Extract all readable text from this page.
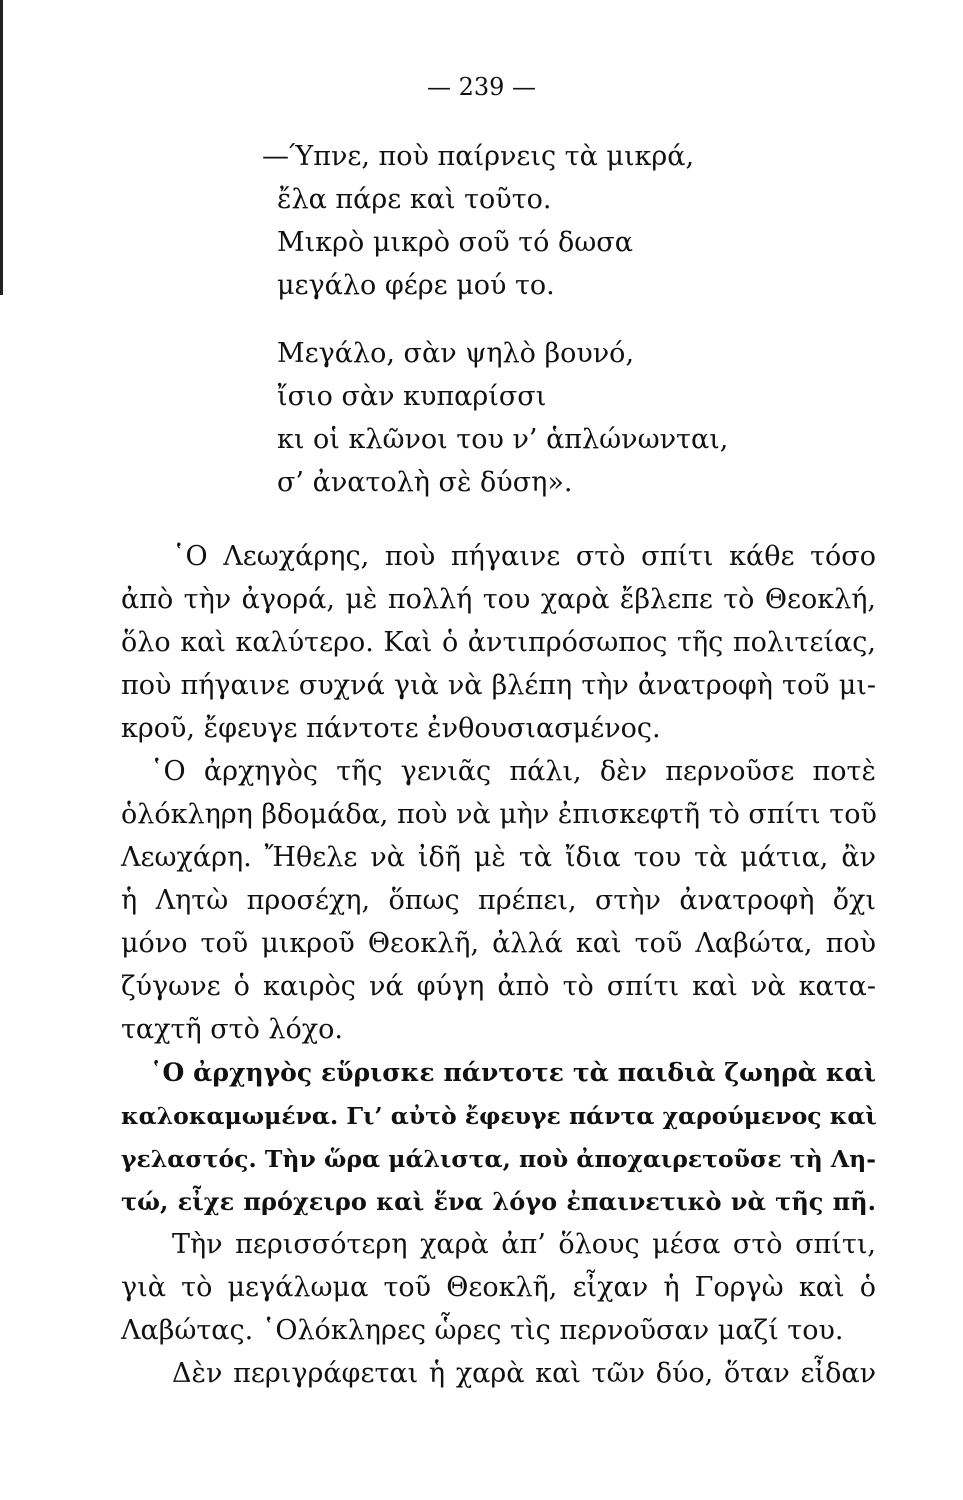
— 239 —
—Ύπνε, ποὺ παίρνεις τὰ μικρά,
ἔλα πάρε καὶ τοῦτο.
Μικρὸ μικρὸ σοῦ τό δωσα
μεγάλο φέρε μού το.
Μεγάλο, σὰν ψηλὸ βουνό,
ἴσιο σὰν κυπαρίσσι
κι οἱ κλῶνοι του ν’ ἁπλώνωνται,
σ’ ἀνατολὴ σὲ δύση».
῾Ο Λεωχάρης, ποὺ πήγαινε στὸ σπίτι κάθε τόσο
ἀπὸ τὴν ἀγορά, μὲ πολλή του χαρὰ ἔβλεπε τὸ Θεοκλή,
ὅλο καὶ καλύτερο. Καὶ ὁ ἀντιπρόσωπος τῆς πολιτείας,
ποὺ πήγαινε συχνά γιὰ νὰ βλέπη τὴν ἀνατροφὴ τοῦ μι-
κροῦ, ἔφευγε πάντοτε ἐνθουσιασμένος.
῾Ο ἀρχηγὸς τῆς γενιᾶς πάλι, δὲν περνοῦσε ποτὲ
ὁλόκληρη βδομάδα, ποὺ νὰ μὴν ἐπισκεφτῆ τὸ σπίτι τοῦ
Λεωχάρη. Ἤθελε νὰ ἰδῆ μὲ τὰ ἴδια του τὰ μάτια, ἂν
ἡ Λητὼ προσέχη, ὅπως πρέπει, στὴν ἀνατροφὴ ὄχι
μόνο τοῦ μικροῦ Θεοκλῆ, ἀλλά καὶ τοῦ Λαβώτα, ποὺ
ζύγωνε ὁ καιρὸς νά φύγη ἀπὸ τὸ σπίτι καὶ νὰ κατα-
ταχτῆ στὸ λόχο.
῾Ο ἀρχηγὸς εὕρισκε πάντοτε τὰ παιδιὰ ζωηρὰ καὶ
καλοκαμωμένα. Γι’ αὐτὸ ἔφευγε πάντα χαρούμενος καὶ
γελαστός. Τὴν ὥρα μάλιστα, ποὺ ἀποχαιρετοῦσε τὴ Λη-
τώ, εἶχε πρόχειρο καὶ ἕνα λόγο ἐπαινετικὸ νὰ τῆς πῆ.
Τὴν περισσότερη χαρὰ ἀπ’ ὅλους μέσα στὸ σπίτι,
γιὰ τὸ μεγάλωμα τοῦ Θεοκλῆ, εἶχαν ἡ Γοργὼ καὶ ὁ
Λαβώτας. ῾Ολόκληρες ὧρες τὶς περνοῦσαν μαζί του.
Δὲν περιγράφεται ἡ χαρὰ καὶ τῶν δύο, ὅταν εἶδαν
